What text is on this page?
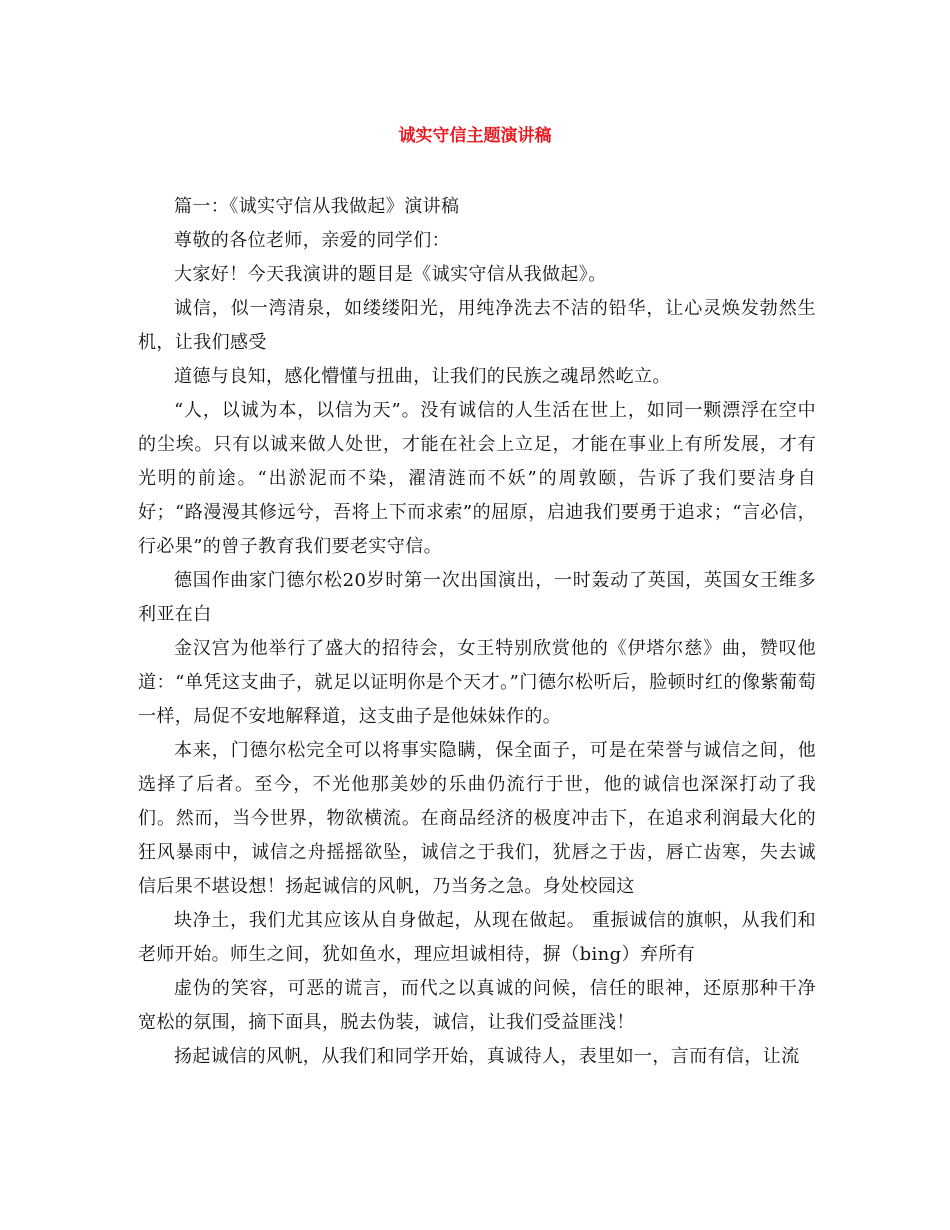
诚实守信主题演讲稿

篇一：《诚实守信从我做起》演讲稿

尊敬的各位老师，亲爱的同学们：

大家好！今天我演讲的题目是《诚实守信从我做起》。

诚信，似一湾清泉，如缕缕阳光，用纯净洗去不洁的铅华，让心灵焕发勃然生机，让我们感受

道德与良知，感化懵懂与扭曲，让我们的民族之魂昂然屹立。

“人，以诚为本，以信为天”。没有诚信的人生活在世上，如同一颗漂浮在空中的尘埃。只有以诚来做人处世，才能在社会上立足，才能在事业上有所发展，才有光明的前途。“出淤泥而不染，濯清涟而不妖”的周敦颐，告诉了我们要洁身自好；“路漫漫其修远兮，吾将上下而求索”的屈原，启迪我们要勇于追求；“言必信，行必果”的曾子教育我们要老实守信。

德国作曲家门德尔松20岁时第一次出国演出，一时轰动了英国，英国女王维多利亚在白

金汉宫为他举行了盛大的招待会，女王特别欣赏他的《伊塔尔慈》曲，赞叹他道：“单凭这支曲子，就足以证明你是个天才。”门德尔松听后，脸顿时红的像紫葡萄一样，局促不安地解释道，这支曲子是他妹妹作的。

本来，门德尔松完全可以将事实隐瞒，保全面子，可是在荣誉与诚信之间，他选择了后者。至今，不光他那美妙的乐曲仍流行于世，他的诚信也深深打动了我们。然而，当今世界，物欲横流。在商品经济的极度冲击下，在追求利润最大化的狂风暴雨中，诚信之舟摇摇欲坠，诚信之于我们，犹唇之于齿，唇亡齿寒，失去诚信后果不堪设想！扬起诚信的风帆，乃当务之急。身处校园这

块净土，我们尤其应该从自身做起，从现在做起。 重振诚信的旗帜，从我们和老师开始。师生之间，犹如鱼水，理应坦诚相待，摒（bing）弃所有

虚伪的笑容，可恶的谎言，而代之以真诚的问候，信任的眼神，还原那种干净宽松的氛围，摘下面具，脱去伪装，诚信，让我们受益匪浅！

扬起诚信的风帆，从我们和同学开始，真诚待人，表里如一，言而有信，让流
